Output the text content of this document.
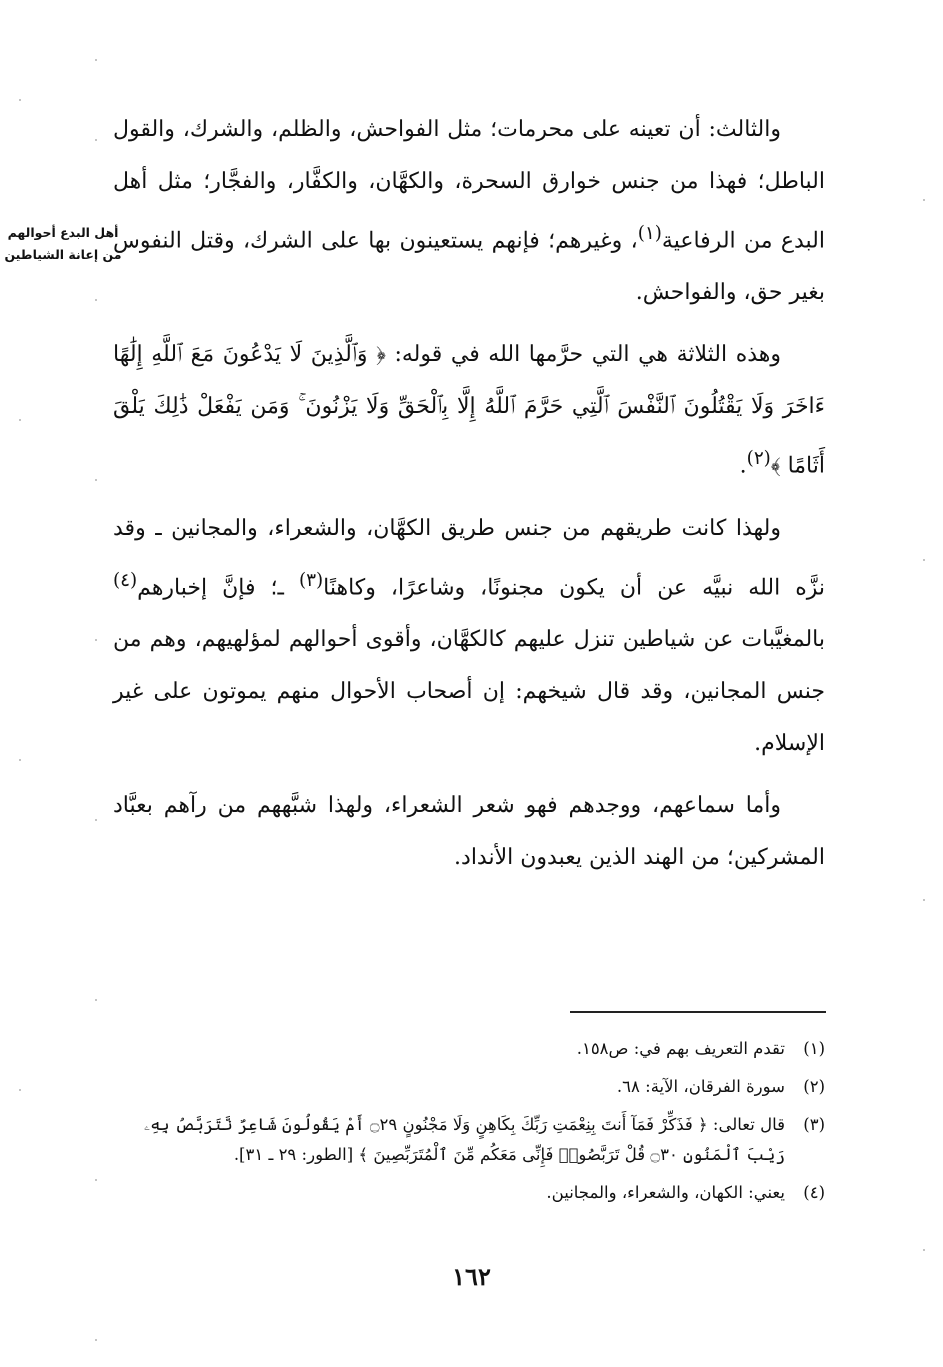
أهل البدع أحوالهم
من إعانة الشياطين

والثالث: أن تعينه على محرمات؛ مثل الفواحش، والظلم، والشرك، والقول الباطل؛ فهذا من جنس خوارق السحرة، والكهَّان، والكفَّار، والفجَّار؛ مثل أهل البدع من الرفاعية$^{(١)}$، وغيرهم؛ فإنهم يستعينون بها على الشرك، وقتل النفوس بغير حق، والفواحش.

وهذه الثلاثة هي التي حرَّمها الله في قوله: ﴿ وَٱلَّذِينَ لَا يَدْعُونَ مَعَ ٱللَّهِ إِلَٰهًا ءَاخَرَ وَلَا يَقْتُلُونَ ٱلنَّفْسَ ٱلَّتِي حَرَّمَ ٱللَّهُ إِلَّا بِٱلْحَقِّ وَلَا يَزْنُونَ ۚ وَمَن يَفْعَلْ ذَٰلِكَ يَلْقَ أَثَامًا ﴾$^{(٢)}$.

ولهذا كانت طريقهم من جنس طريق الكهَّان، والشعراء، والمجانين ـ وقد نزَّه الله نبيَّه عن أن يكون مجنونًا، وشاعرًا، وكاهنًا$^{(٣)}$ ـ؛ فإنَّ إخبارهم$^{(٤)}$ بالمغيَّبات عن شياطين تنزل عليهم كالكهَّان، وأقوى أحوالهم لمؤلهيهم، وهم من جنس المجانين، وقد قال شيخهم: إن أصحاب الأحوال منهم يموتون على غير الإسلام.

وأما سماعهم، ووجدهم فهو شعر الشعراء، ولهذا شبَّههم من رآهم بعبَّاد المشركين؛ من الهند الذين يعبدون الأنداد.

(١)
تقدم التعريف بهم في: ص١٥٨.
(٢)
سورة الفرقان، الآية: ٦٨.
(٣)
قال تعالى: ﴿ فَذَكِّرْ فَمَآ أَنتَ بِنِعْمَتِ رَبِّكَ بِكَاهِنٍ وَلَا مَجْنُونٍ ۝٢٩ أَمْ يَقُولُونَ شَاعِرٌ نَّتَرَبَّصُ بِهِۦ رَيْبَ ٱلْمَنُونِ ۝٣٠ قُلْ تَرَبَّصُوا۟ فَإِنِّى مَعَكُم مِّنَ ٱلْمُتَرَبِّصِينَ ﴾ [الطور: ٢٩ ـ ٣١].
(٤)
يعني: الكهان، والشعراء، والمجانين.
١٦٢
